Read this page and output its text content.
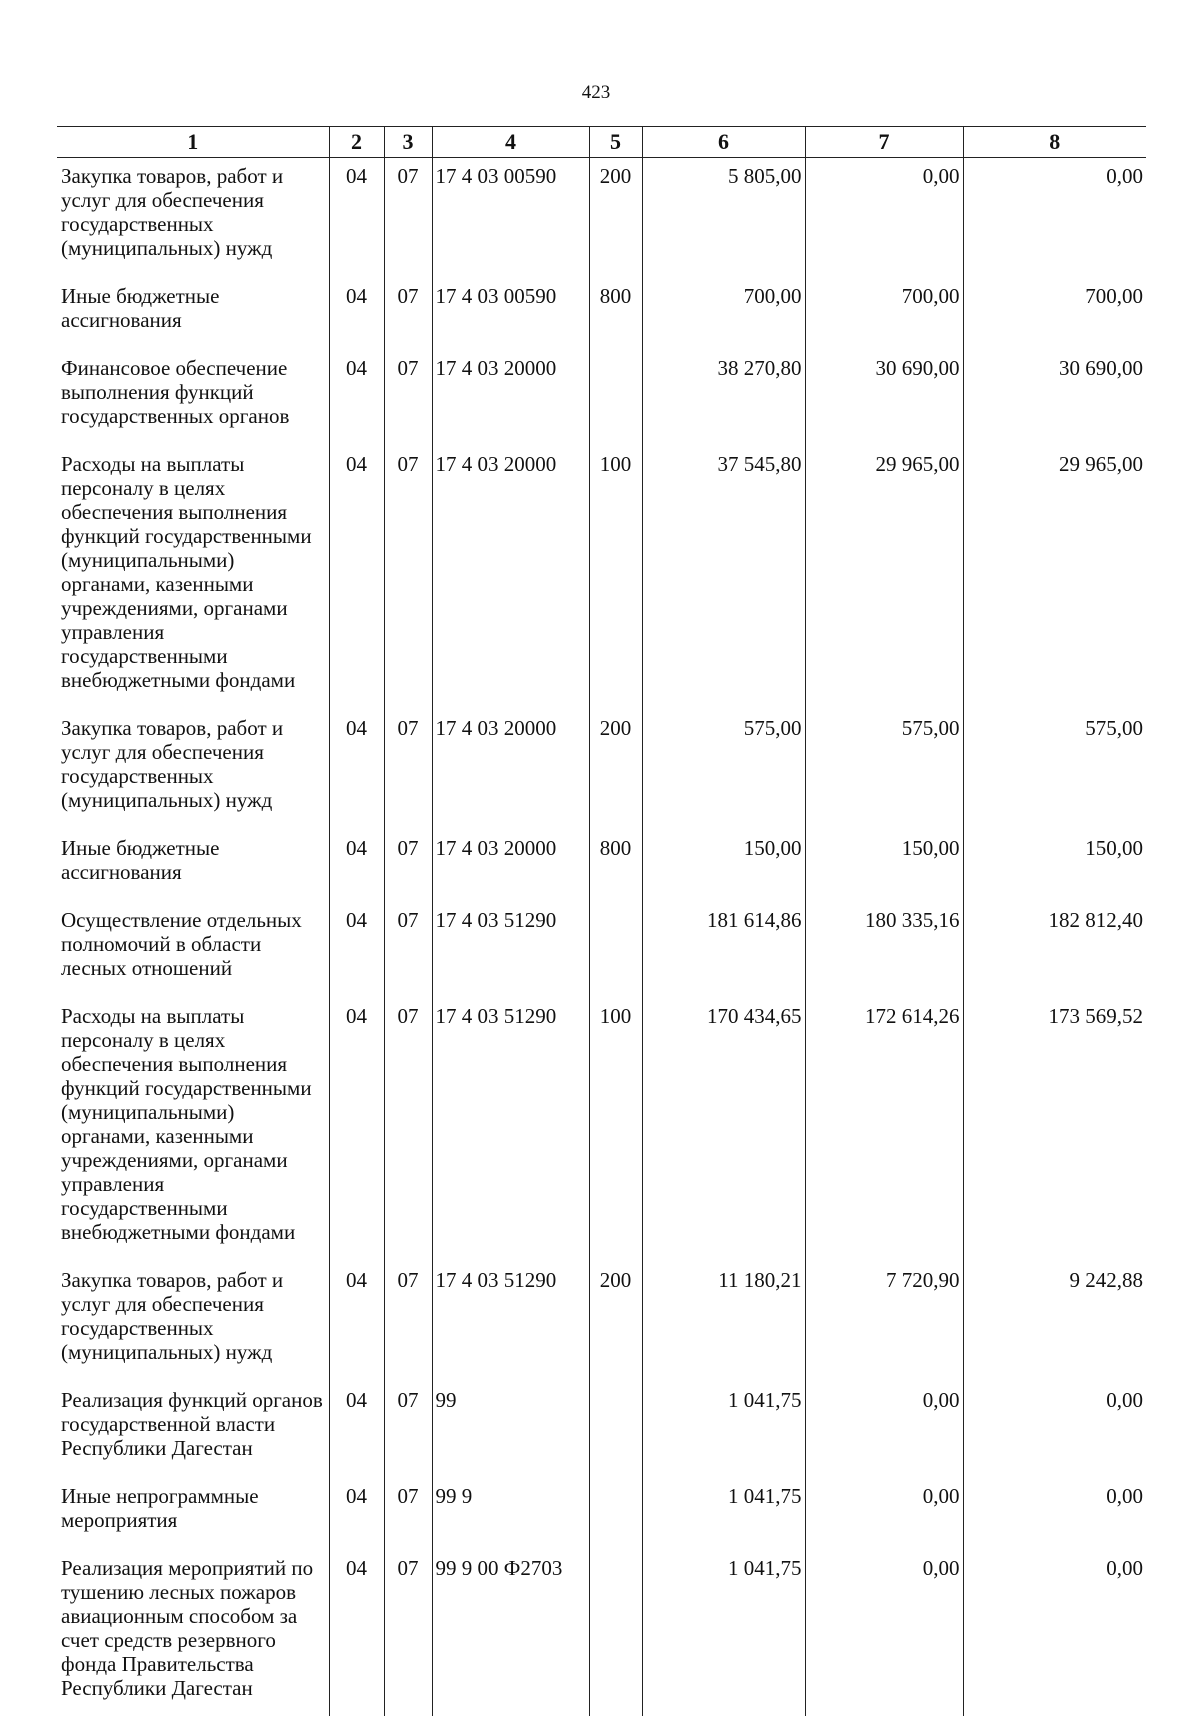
423
1	2	3	4	5	6	7	8
Закупка товаров, работ и услуг для обеспечения государственных (муниципальных) нужд	04	07	17 4 03 00590	200	5 805,00	0,00	0,00
Иные бюджетные ассигнования	04	07	17 4 03 00590	800	700,00	700,00	700,00
Финансовое обеспечение выполнения функций государственных органов	04	07	17 4 03 20000		38 270,80	30 690,00	30 690,00
Расходы на выплаты персоналу в целях обеспечения выполнения функций государственными (муниципальными) органами, казенными учреждениями, органами управления государственными внебюджетными фондами	04	07	17 4 03 20000	100	37 545,80	29 965,00	29 965,00
Закупка товаров, работ и услуг для обеспечения государственных (муниципальных) нужд	04	07	17 4 03 20000	200	575,00	575,00	575,00
Иные бюджетные ассигнования	04	07	17 4 03 20000	800	150,00	150,00	150,00
Осуществление отдельных полномочий в области лесных отношений	04	07	17 4 03 51290		181 614,86	180 335,16	182 812,40
Расходы на выплаты персоналу в целях обеспечения выполнения функций государственными (муниципальными) органами, казенными учреждениями, органами управления государственными внебюджетными фондами	04	07	17 4 03 51290	100	170 434,65	172 614,26	173 569,52
Закупка товаров, работ и услуг для обеспечения государственных (муниципальных) нужд	04	07	17 4 03 51290	200	11 180,21	7 720,90	9 242,88
Реализация функций органов государственной власти Республики Дагестан	04	07	99		1 041,75	0,00	0,00
Иные непрограммные мероприятия	04	07	99 9		1 041,75	0,00	0,00
Реализация мероприятий по тушению лесных пожаров авиационным способом за счет средств резервного фонда Правительства Республики Дагестан	04	07	99 9 00 Ф2703		1 041,75	0,00	0,00
